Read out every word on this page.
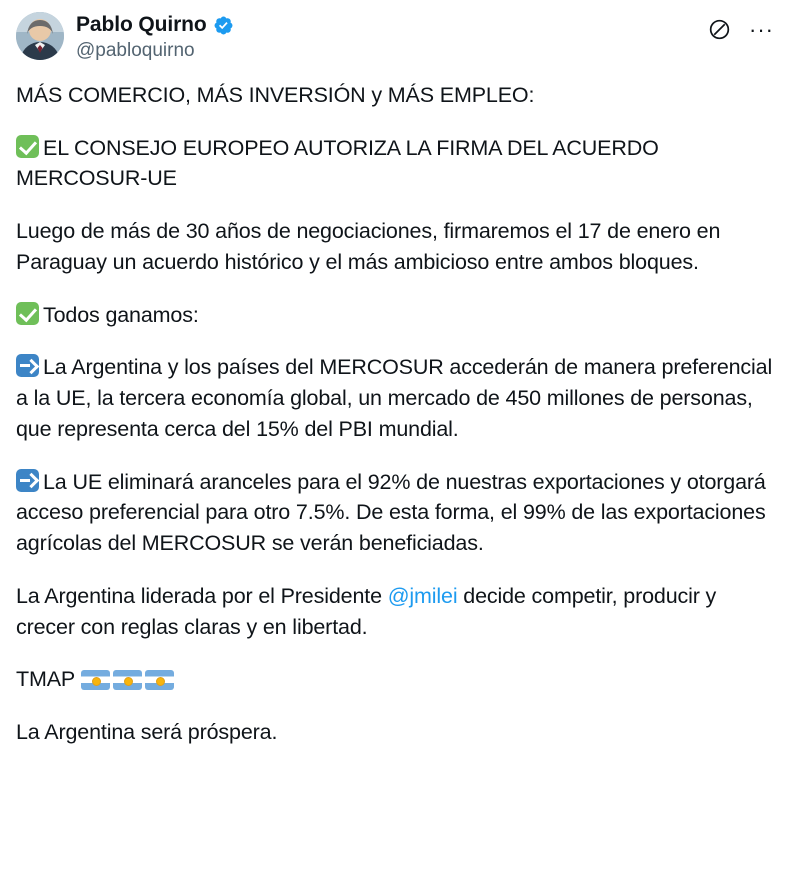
Pablo Quirno
@pabloquirno
···

MÁS COMERCIO, MÁS INVERSIÓN y MÁS EMPLEO:

EL CONSEJO EUROPEO AUTORIZA LA FIRMA DEL ACUERDO MERCOSUR-UE

Luego de más de 30 años de negociaciones, firmaremos el 17 de enero en Paraguay un acuerdo histórico y el más ambicioso entre ambos bloques.

Todos ganamos:

La Argentina y los países del MERCOSUR accederán de manera preferencial a la UE, la tercera economía global, un mercado de 450 millones de personas, que representa cerca del 15% del PBI mundial.

La UE eliminará aranceles para el 92% de nuestras exportaciones y otorgará acceso preferencial para otro 7.5%. De esta forma, el 99% de las exportaciones agrícolas del MERCOSUR se verán beneficiadas.

La Argentina liderada por el Presidente @jmilei decide competir, producir y crecer con reglas claras y en libertad.

TMAP

La Argentina será próspera.
